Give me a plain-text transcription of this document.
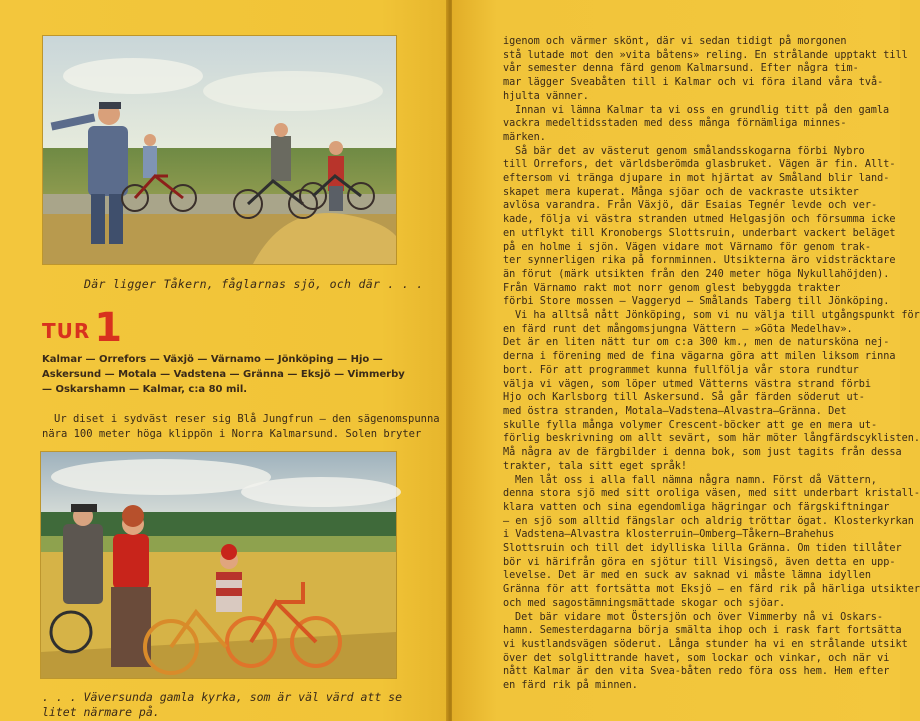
Där ligger Tåkern, fåglarnas sjö, och där . . .
TUR 1
Kalmar — Orrefors — Växjö — Värnamo — Jönköping — Hjo —
Askersund — Motala — Vadstena — Gränna — Eksjö — Vimmerby
— Oskarshamn — Kalmar, c:a 80 mil.
Ur diset i sydväst reser sig Blå Jungfrun — den sägenomspunna
nära 100 meter höga klippön i Norra Kalmarsund. Solen bryter
. . . Väversunda gamla kyrka, som är väl värd att se
litet närmare på.
igenom och värmer skönt, där vi sedan tidigt på morgonen
stå lutade mot den »vita båtens» reling. En strålande upptakt till
vår semester denna färd genom Kalmarsund. Efter några tim-
mar lägger Sveabåten till i Kalmar och vi föra iland våra två-
hjulta vänner.
Innan vi lämna Kalmar ta vi oss en grundlig titt på den gamla
vackra medeltidsstaden med dess många förnämliga minnes-
märken.
Så bär det av västerut genom smålandsskogarna förbi Nybro
till Orrefors, det världsberömda glasbruket. Vägen är fin. Allt-
eftersom vi tränga djupare in mot hjärtat av Småland blir land-
skapet mera kuperat. Många sjöar och de vackraste utsikter
avlösa varandra. Från Växjö, där Esaias Tegnér levde och ver-
kade, följa vi västra stranden utmed Helgasjön och försumma icke
en utflykt till Kronobergs Slottsruin, underbart vackert beläget
på en holme i sjön. Vägen vidare mot Värnamo för genom trak-
ter synnerligen rika på fornminnen. Utsikterna äro vidsträcktare
än förut (märk utsikten från den 240 meter höga Nykullahöjden).
Från Värnamo rakt mot norr genom glest bebyggda trakter
förbi Store mossen — Vaggeryd — Smålands Taberg till Jönköping.
Vi ha alltså nått Jönköping, som vi nu välja till utgångspunkt för
en färd runt det mångomsjungna Vättern — »Göta Medelhav».
Det är en liten nätt tur om c:a 300 km., men de natursköna nej-
derna i förening med de fina vägarna göra att milen liksom rinna
bort. För att programmet kunna fullfölja vår stora rundtur
välja vi vägen, som löper utmed Vätterns västra strand förbi
Hjo och Karlsborg till Askersund. Så går färden söderut ut-
med östra stranden, Motala—Vadstena—Alvastra—Gränna. Det
skulle fylla många volymer Crescent-böcker att ge en mera ut-
förlig beskrivning om allt sevärt, som här möter långfärdscyklisten.
Må några av de färgbilder i denna bok, som just tagits från dessa
trakter, tala sitt eget språk!
Men låt oss i alla fall nämna några namn. Först då Vättern,
denna stora sjö med sitt oroliga väsen, med sitt underbart kristall-
klara vatten och sina egendomliga hägringar och färgskiftningar
— en sjö som alltid fängslar och aldrig tröttar ögat. Klosterkyrkan
i Vadstena—Alvastra klosterruin—Omberg—Tåkern—Brahehus
Slottsruin och till det idylliska lilla Gränna. Om tiden tillåter
bör vi härifrån göra en sjötur till Visingsö, även detta en upp-
levelse. Det är med en suck av saknad vi måste lämna idyllen
Gränna för att fortsätta mot Eksjö — en färd rik på härliga utsikter
och med sagostämningsmättade skogar och sjöar.
Det bär vidare mot Östersjön och över Vimmerby nå vi Oskars-
hamn. Semesterdagarna börja smälta ihop och i rask fart fortsätta
vi kustlandsvägen söderut. Långa stunder ha vi en strålande utsikt
över det solglittrande havet, som lockar och vinkar, och när vi
nått Kalmar är den vita Svea-båten redo föra oss hem. Hem efter
en färd rik på minnen.
